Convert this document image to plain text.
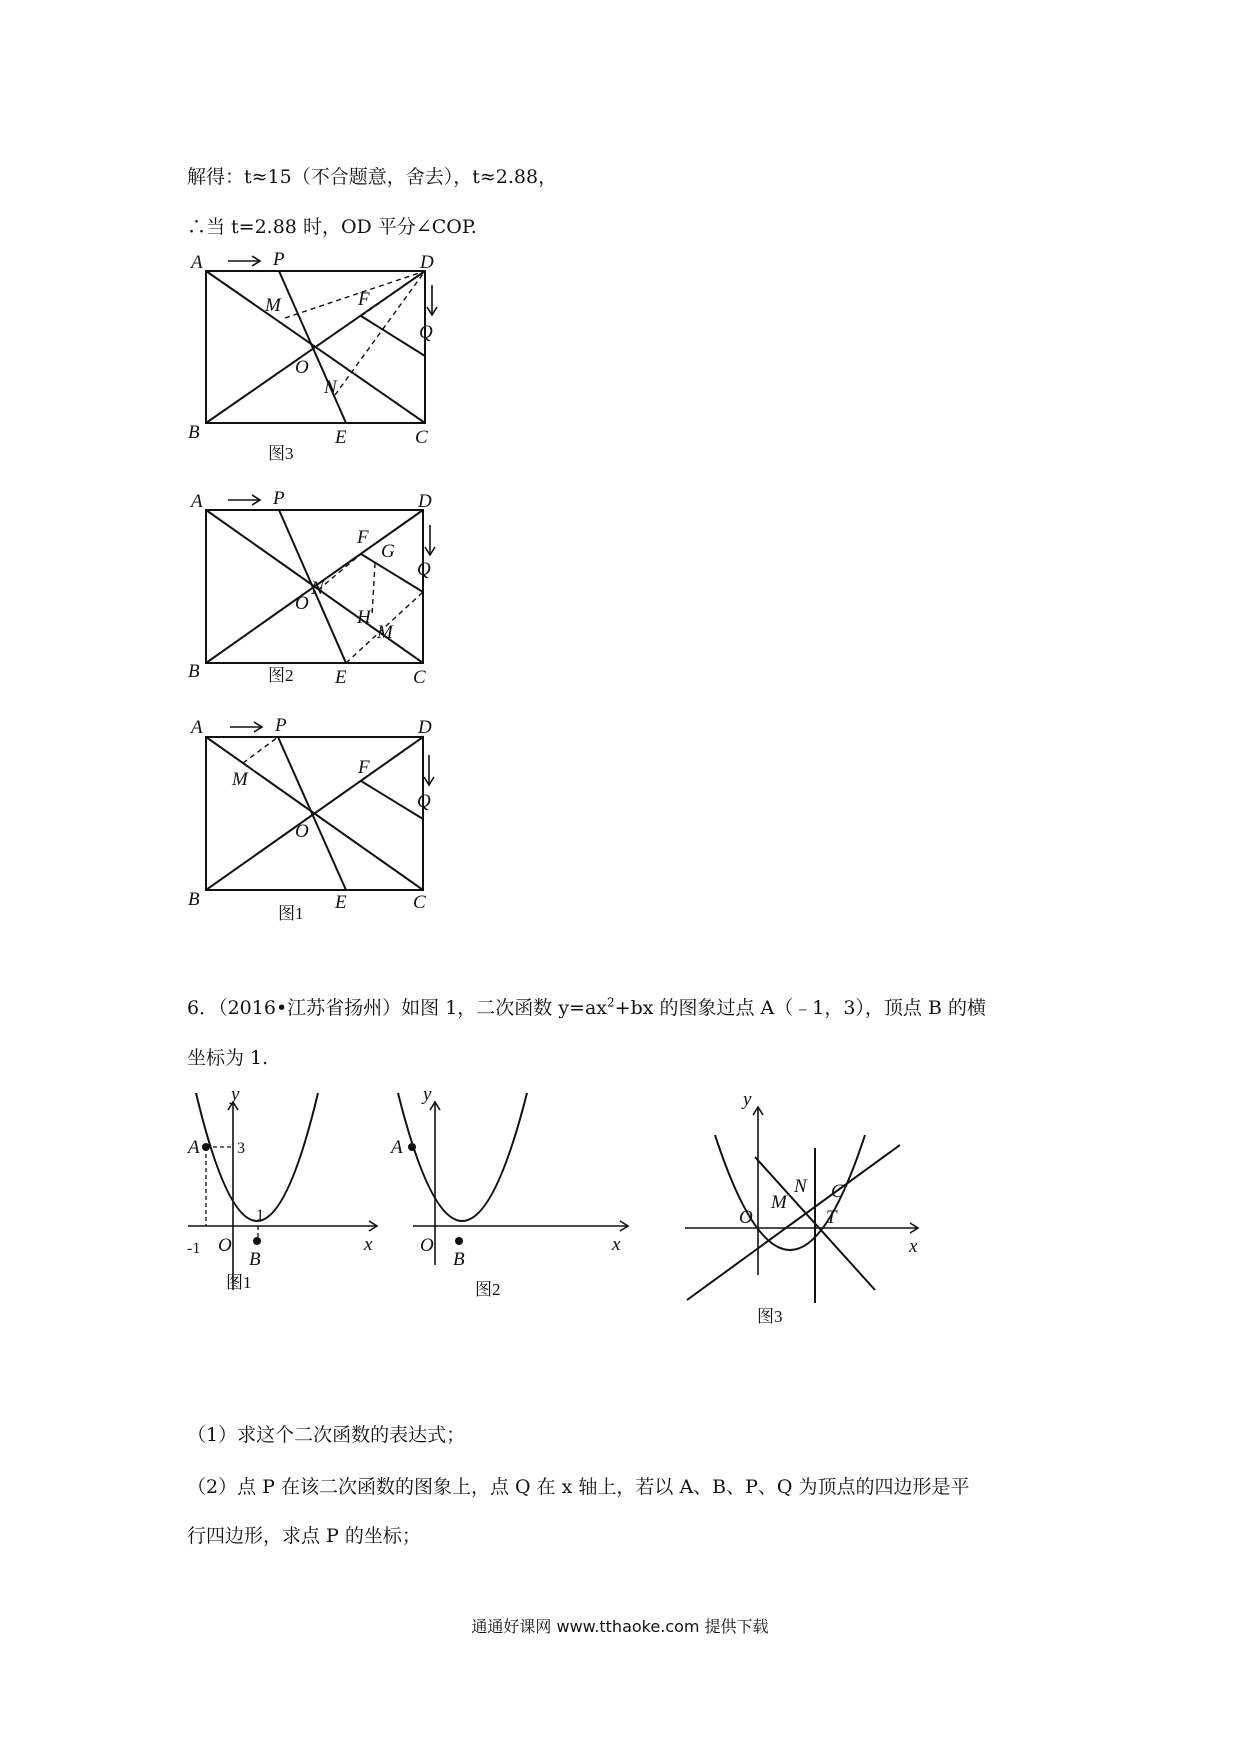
解得：t≈15（不合题意，舍去），t≈2.88，
∴当 t=2.88 时，OD 平分∠COP.
A	P	D
M	F
Q
O
N
B	E	C
图3
A	P	D
F
G
Q
N
O
H
M
B	图2 E	C
A	P	D
M
F
Q
O
B	E	C
图1
6．（2016•江苏省扬州）如图 1，二次函数 $y=ax^2+bx$ 的图象过点 A（﹣1，3），顶点 B 的横
坐标为 1.
y
A 3
1
-1 O
B
x
图1
y
A
O
B
x
图2
y
N C
M
O	T
x
图3
（1）求这个二次函数的表达式；
（2）点 P 在该二次函数的图象上，点 Q 在 x 轴上，若以 A、B、P、Q 为顶点的四边形是平
行四边形，求点 P 的坐标；
通通好课网 www.tthaoke.com 提供下载
